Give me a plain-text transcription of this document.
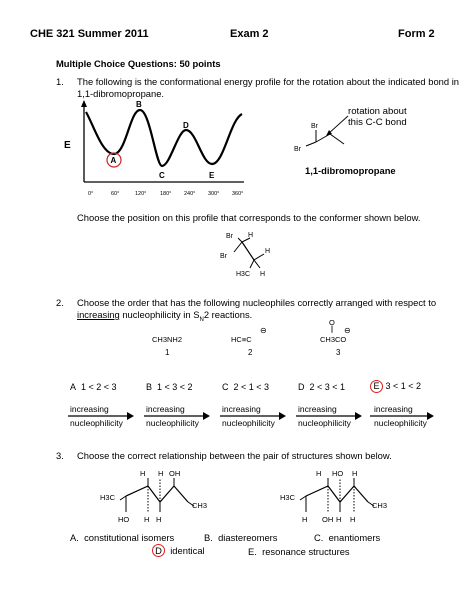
CHE 321 Summer 2011	Exam 2	Form 2
Multiple Choice Questions: 50 points
1. The following is the conformational energy profile for the rotation about the indicated bond in
1,1-dibromopropane.
E
B
D
A
C	E
0°	60°	120° 180° 240° 300° 360°
Br
Br
rotation about
this C-C bond
1,1-dibromopropane
Choose the position on this profile that corresponds to the conformer shown below.
Br H
H
Br
H3C H
2. Choose the order that has the following nucleophiles correctly arranged with respect to
increasing nucleophilicity in $S_N2$ reactions.
CH3NH2
1
HC≡C
⊖
2
O
║ ⊖
CH3CO
3
A 1 < 2 < 3	B 1 < 3 < 2	C 2 < 1 < 3	D 2 < 3 < 1	E 3 < 1 < 2
increasing
nucleophilicity
increasing
nucleophilicity
increasing
nucleophilicity
increasing
nucleophilicity
increasing
nucleophilicity
3. Choose the correct relationship between the pair of structures shown below.
H H OH
H3C
CH3
HO H H
H HO H
H3C
CH3
H OH H H
A. constitutional isomers	B. diastereomers	C. enantiomers
D identical	E. resonance structures
